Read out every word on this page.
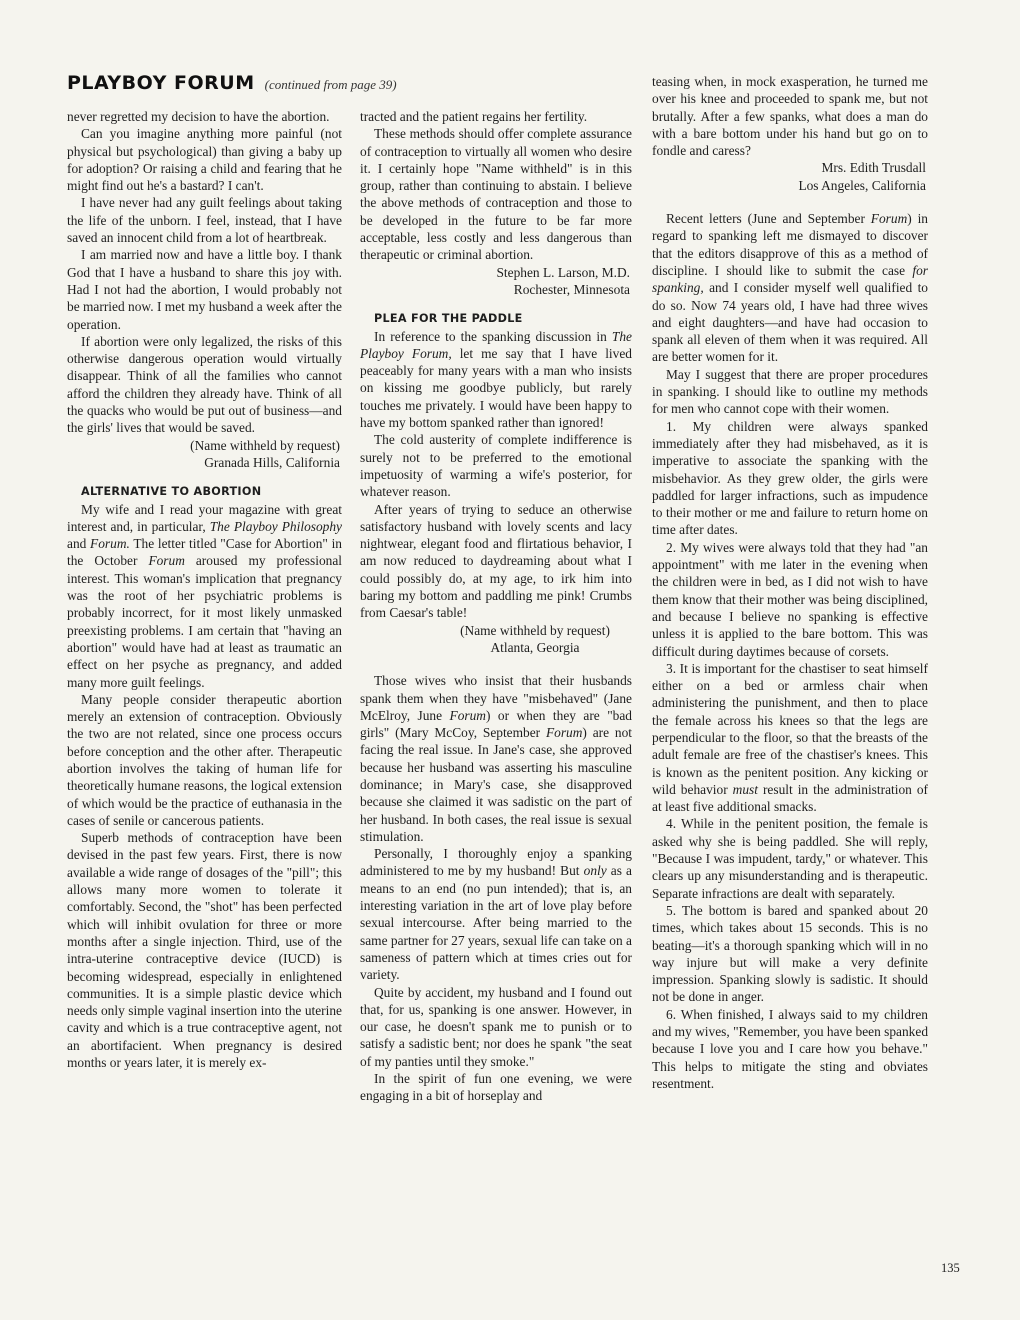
PLAYBOY FORUM (continued from page 39)

never regretted my decision to have the abortion.

Can you imagine anything more painful (not physical but psychological) than giving a baby up for adoption? Or raising a child and fearing that he might find out he's a bastard? I can't.

I have never had any guilt feelings about taking the life of the unborn. I feel, instead, that I have saved an innocent child from a lot of heartbreak.

I am married now and have a little boy. I thank God that I have a husband to share this joy with. Had I not had the abortion, I would probably not be married now. I met my husband a week after the operation.

If abortion were only legalized, the risks of this otherwise dangerous operation would virtually disappear. Think of all the families who cannot afford the children they already have. Think of all the quacks who would be put out of business—and the girls' lives that would be saved.

(Name withheld by request)
Granada Hills, California

ALTERNATIVE TO ABORTION

My wife and I read your magazine with great interest and, in particular, The Playboy Philosophy and Forum. The letter titled "Case for Abortion" in the October Forum aroused my professional interest. This woman's implication that pregnancy was the root of her psychiatric problems is probably incorrect, for it most likely unmasked preexisting problems. I am certain that "having an abortion" would have had at least as traumatic an effect on her psyche as pregnancy, and added many more guilt feelings.

Many people consider therapeutic abortion merely an extension of contraception. Obviously the two are not related, since one process occurs before conception and the other after. Therapeutic abortion involves the taking of human life for theoretically humane reasons, the logical extension of which would be the practice of euthanasia in the cases of senile or cancerous patients.

Superb methods of contraception have been devised in the past few years. First, there is now available a wide range of dosages of the "pill"; this allows many more women to tolerate it comfortably. Second, the "shot" has been perfected which will inhibit ovulation for three or more months after a single injection. Third, use of the intra-uterine contraceptive device (IUCD) is becoming widespread, especially in enlightened communities. It is a simple plastic device which needs only simple vaginal insertion into the uterine cavity and which is a true contraceptive agent, not an abortifacient. When pregnancy is desired months or years later, it is merely ex-

tracted and the patient regains her fertility.

These methods should offer complete assurance of contraception to virtually all women who desire it. I certainly hope "Name withheld" is in this group, rather than continuing to abstain. I believe the above methods of contraception and those to be developed in the future to be far more acceptable, less costly and less dangerous than therapeutic or criminal abortion.

Stephen L. Larson, M.D.
Rochester, Minnesota

PLEA FOR THE PADDLE

In reference to the spanking discussion in The Playboy Forum, let me say that I have lived peaceably for many years with a man who insists on kissing me goodbye publicly, but rarely touches me privately. I would have been happy to have my bottom spanked rather than ignored!

The cold austerity of complete indifference is surely not to be preferred to the emotional impetuosity of warming a wife's posterior, for whatever reason.

After years of trying to seduce an otherwise satisfactory husband with lovely scents and lacy nightwear, elegant food and flirtatious behavior, I am now reduced to daydreaming about what I could possibly do, at my age, to irk him into baring my bottom and paddling me pink! Crumbs from Caesar's table!

(Name withheld by request)
Atlanta, Georgia

Those wives who insist that their husbands spank them when they have "misbehaved" (Jane McElroy, June Forum) or when they are "bad girls" (Mary McCoy, September Forum) are not facing the real issue. In Jane's case, she approved because her husband was asserting his masculine dominance; in Mary's case, she disapproved because she claimed it was sadistic on the part of her husband. In both cases, the real issue is sexual stimulation.

Personally, I thoroughly enjoy a spanking administered to me by my husband! But only as a means to an end (no pun intended); that is, an interesting variation in the art of love play before sexual intercourse. After being married to the same partner for 27 years, sexual life can take on a sameness of pattern which at times cries out for variety.

Quite by accident, my husband and I found out that, for us, spanking is one answer. However, in our case, he doesn't spank me to punish or to satisfy a sadistic bent; nor does he spank "the seat of my panties until they smoke."

In the spirit of fun one evening, we were engaging in a bit of horseplay and

teasing when, in mock exasperation, he turned me over his knee and proceeded to spank me, but not brutally. After a few spanks, what does a man do with a bare bottom under his hand but go on to fondle and caress?

Mrs. Edith Trusdall
Los Angeles, California

Recent letters (June and September Forum) in regard to spanking left me dismayed to discover that the editors disapprove of this as a method of discipline. I should like to submit the case for spanking, and I consider myself well qualified to do so. Now 74 years old, I have had three wives and eight daughters—and have had occasion to spank all eleven of them when it was required. All are better women for it.

May I suggest that there are proper procedures in spanking. I should like to outline my methods for men who cannot cope with their women.

1. My children were always spanked immediately after they had misbehaved, as it is imperative to associate the spanking with the misbehavior. As they grew older, the girls were paddled for larger infractions, such as impudence to their mother or me and failure to return home on time after dates.

2. My wives were always told that they had "an appointment" with me later in the evening when the children were in bed, as I did not wish to have them know that their mother was being disciplined, and because I believe no spanking is effective unless it is applied to the bare bottom. This was difficult during daytimes because of corsets.

3. It is important for the chastiser to seat himself either on a bed or armless chair when administering the punishment, and then to place the female across his knees so that the legs are perpendicular to the floor, so that the breasts of the adult female are free of the chastiser's knees. This is known as the penitent position. Any kicking or wild behavior must result in the administration of at least five additional smacks.

4. While in the penitent position, the female is asked why she is being paddled. She will reply, "Because I was impudent, tardy," or whatever. This clears up any misunderstanding and is therapeutic. Separate infractions are dealt with separately.

5. The bottom is bared and spanked about 20 times, which takes about 15 seconds. This is no beating—it's a thorough spanking which will in no way injure but will make a very definite impression. Spanking slowly is sadistic. It should not be done in anger.

6. When finished, I always said to my children and my wives, "Remember, you have been spanked because I love you and I care how you behave." This helps to mitigate the sting and obviates resentment.

135
